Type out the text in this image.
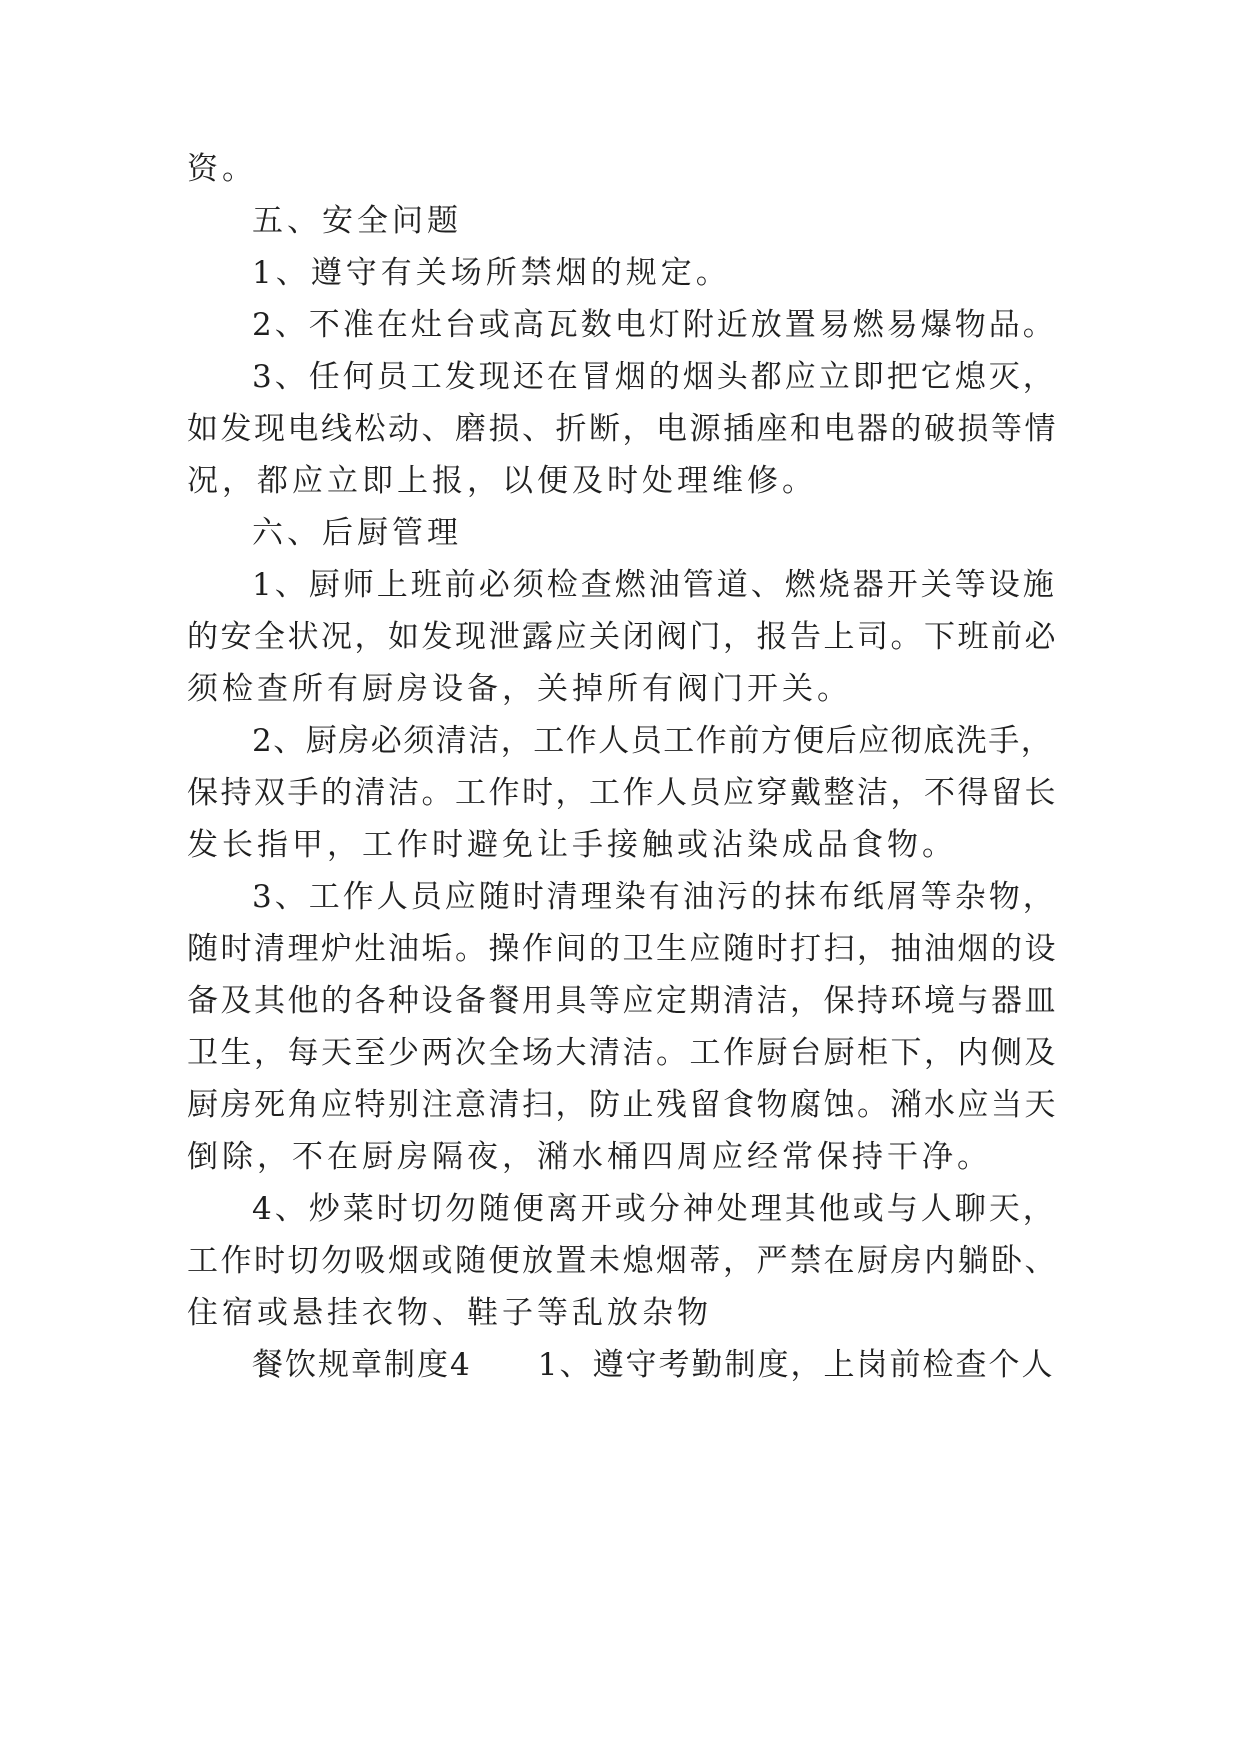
资。
五、安全问题
1、遵守有关场所禁烟的规定。
2、不准在灶台或高瓦数电灯附近放置易燃易爆物品。
3、任何员工发现还在冒烟的烟头都应立即把它熄灭，
如发现电线松动、磨损、折断，电源插座和电器的破损等情
况，都应立即上报，以便及时处理维修。
六、后厨管理
1、厨师上班前必须检查燃油管道、燃烧器开关等设施
的安全状况，如发现泄露应关闭阀门，报告上司。下班前必
须检查所有厨房设备，关掉所有阀门开关。
2、厨房必须清洁，工作人员工作前方便后应彻底洗手，
保持双手的清洁。工作时，工作人员应穿戴整洁，不得留长
发长指甲，工作时避免让手接触或沾染成品食物。
3、工作人员应随时清理染有油污的抹布纸屑等杂物，
随时清理炉灶油垢。操作间的卫生应随时打扫，抽油烟的设
备及其他的各种设备餐用具等应定期清洁，保持环境与器皿
卫生，每天至少两次全场大清洁。工作厨台厨柜下，内侧及
厨房死角应特别注意清扫，防止残留食物腐蚀。潲水应当天
倒除，不在厨房隔夜，潲水桶四周应经常保持干净。
4、炒菜时切勿随便离开或分神处理其他或与人聊天，
工作时切勿吸烟或随便放置未熄烟蒂，严禁在厨房内躺卧、
住宿或悬挂衣物、鞋子等乱放杂物
餐饮规章制度4　　1、遵守考勤制度，上岗前检查个人
